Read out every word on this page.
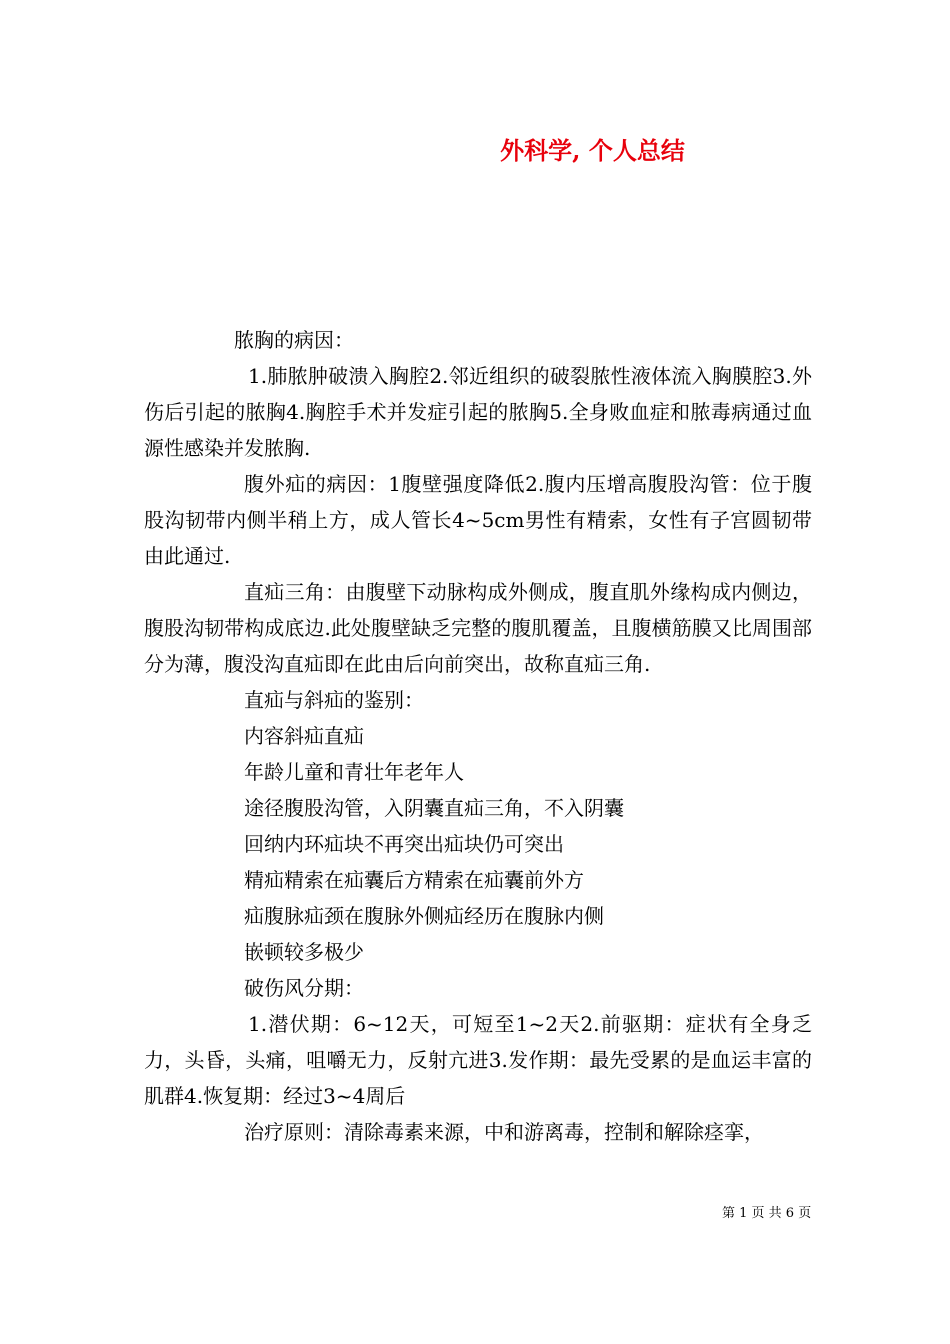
外科学, 个人总结

脓胸的病因：

1.肺脓肿破溃入胸腔2.邻近组织的破裂脓性液体流入胸膜腔3.外伤后引起的脓胸4.胸腔手术并发症引起的脓胸5.全身败血症和脓毒病通过血源性感染并发脓胸.

腹外疝的病因：1腹壁强度降低2.腹内压增高腹股沟管：位于腹股沟韧带内侧半稍上方，成人管长4~5cm男性有精索，女性有子宫圆韧带由此通过.

直疝三角：由腹壁下动脉构成外侧成，腹直肌外缘构成内侧边，腹股沟韧带构成底边.此处腹壁缺乏完整的腹肌覆盖，且腹横筋膜又比周围部分为薄，腹没沟直疝即在此由后向前突出，故称直疝三角.

直疝与斜疝的鉴别：

内容斜疝直疝

年龄儿童和青壮年老年人

途径腹股沟管，入阴囊直疝三角，不入阴囊

回纳内环疝块不再突出疝块仍可突出

精疝精索在疝囊后方精索在疝囊前外方

疝腹脉疝颈在腹脉外侧疝经历在腹脉内侧

嵌顿较多极少

破伤风分期：

1.潜伏期：6~12天，可短至1~2天2.前驱期：症状有全身乏力，头昏，头痛，咀嚼无力，反射亢进3.发作期：最先受累的是血运丰富的肌群4.恢复期：经过3~4周后

治疗原则：清除毒素来源，中和游离毒，控制和解除痉挛，

第 1 页 共 6 页
